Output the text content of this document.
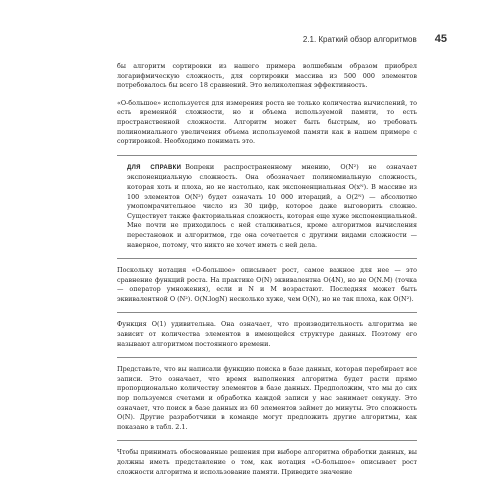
2.1. Краткий обзор алгоритмов 45

бы алгоритм сортировки из нашего примера волшебным образом приобрел логарифмическую сложность, для сортировки массива из 500 000 элементов потребовалось бы всего 18 сравнений. Это великолепная эффективность.

«О-большое» используется для измерения роста не только количества вычислений, то есть временно́й сложности, но и объема используемой памяти, то есть пространственной сложности. Алгоритм может быть быстрым, но требовать полиномиального увеличения объема используемой памяти как в нашем примере с сортировкой. Необходимо понимать это.

ДЛЯ СПРАВКИ Вопреки распространенному мнению, O(N²) не означает экспоненциальную сложность. Она обозначает полиномиальную сложность, которая хоть и плоха, но не настолько, как экспоненциальная O(xᴺ). В массиве из 100 элементов O(N²) будет означать 10 000 итераций, а O(2ᴺ) — абсолютно умопомрачительное число из 30 цифр, которое даже выговорить сложно. Существует также факториальная сложность, которая еще хуже экспоненциальной. Мне почти не приходилось с ней сталкиваться, кроме алгоритмов вычисления перестановок и алгоритмов, где она сочетается с другими видами сложности — наверное, потому, что никто не хочет иметь с ней дела.

Поскольку нотация «О-большое» описывает рост, самое важное для нее — это сравнение функций роста. На практике O(N) эквивалентна O(4N), но не O(N.M) (точка — оператор умножения), если и N и M возрастают. Последняя может быть эквивалентной O (N²). O(N.logN) несколько хуже, чем O(N), но не так плоха, как O(N²).

Функция O(1) удивительна. Она означает, что производительность алгоритма не зависит от количества элементов в имеющейся структуре данных. Поэтому его называют алгоритмом постоянного времени.

Представьте, что вы написали функцию поиска в базе данных, которая перебирает все записи. Это означает, что время выполнения алгоритма будет расти прямо пропорционально количеству элементов в базе данных. Предположим, что мы до сих пор пользуемся счетами и обработка каждой записи у нас занимает секунду. Это означает, что поиск в базе данных из 60 элементов займет до минуты. Это сложность O(N). Другие разработчики в команде могут предложить другие алгоритмы, как показано в табл. 2.1.

Чтобы принимать обоснованные решения при выборе алгоритма обработки данных, вы должны иметь представление о том, как нотация «О-большое» описывает рост сложности алгоритма и использование памяти. Приведите значение
